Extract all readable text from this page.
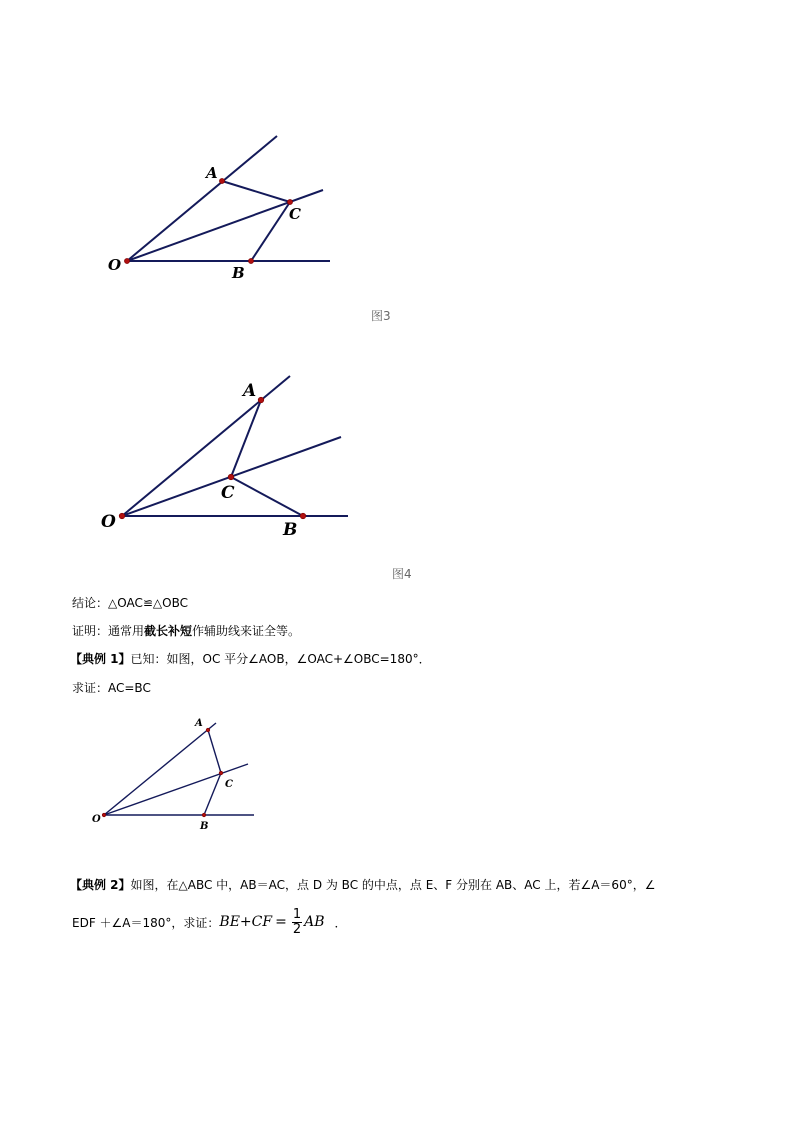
A
C
O	B
图3
A
C
O	B
图4
结论：△OAC≌△OBC
证明：通常用截长补短作辅助线来证全等。
【典例 1】已知：如图，OC 平分∠AOB，∠OAC+∠OBC=180°．
求证：AC=BC
A
C
O
B
【典例 2】如图，在△ABC 中，AB＝AC，点 D 为 BC 的中点，点 E、F 分别在 AB、AC 上，若∠A＝60°，∠
EDF ＋∠A＝180°，求证： $BE+CF = \frac{1}{2}$ AB ．
